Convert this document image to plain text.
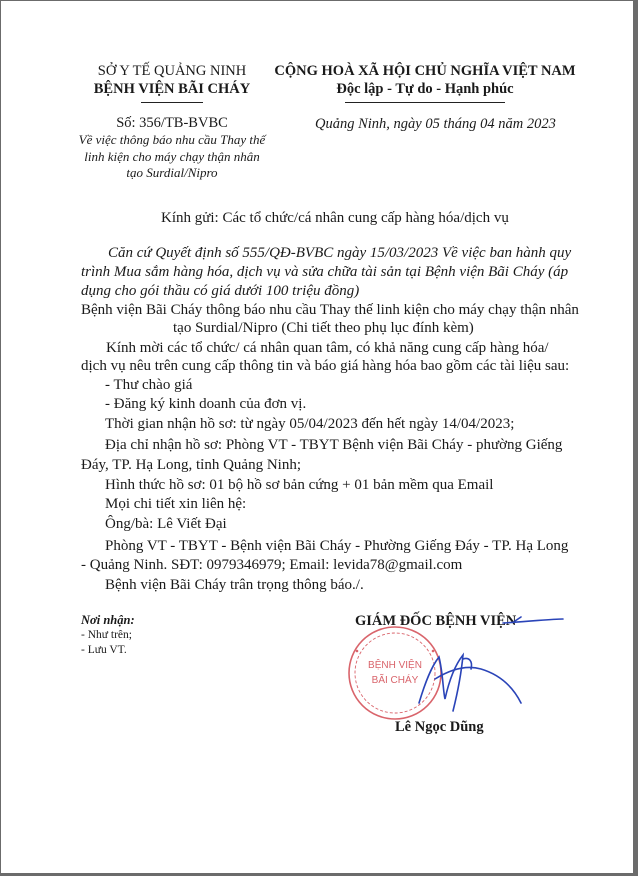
SỞ Y TẾ QUẢNG NINH
BỆNH VIỆN BÃI CHÁY
Số: 356/TB-BVBC
Về việc thông báo nhu cầu Thay thế
linh kiện cho máy chạy thận nhân
tạo Surdial/Nipro
CỘNG HOÀ XÃ HỘI CHỦ NGHĨA VIỆT NAM
Độc lập - Tự do - Hạnh phúc
Quảng Ninh, ngày 05 tháng 04 năm 2023
Kính gửi: Các tổ chức/cá nhân cung cấp hàng hóa/dịch vụ
Căn cứ Quyết định số 555/QĐ-BVBC ngày 15/03/2023 Về việc ban hành quy
trình Mua sắm hàng hóa, dịch vụ và sửa chữa tài sản tại Bệnh viện Bãi Cháy (áp
dụng cho gói thầu có giá dưới 100 triệu đồng)
Bệnh viện Bãi Cháy thông báo nhu cầu Thay thế linh kiện cho máy chạy thận nhân
tạo Surdial/Nipro (Chi tiết theo phụ lục đính kèm)
Kính mời các tổ chức/ cá nhân quan tâm, có khả năng cung cấp hàng hóa/
dịch vụ nêu trên cung cấp thông tin và báo giá hàng hóa bao gồm các tài liệu sau:
- Thư chào giá
- Đăng ký kinh doanh của đơn vị.
Thời gian nhận hồ sơ: từ ngày 05/04/2023 đến hết ngày 14/04/2023;
Địa chỉ nhận hồ sơ: Phòng VT - TBYT Bệnh viện Bãi Cháy - phường Giếng
Đáy, TP. Hạ Long, tỉnh Quảng Ninh;
Hình thức hồ sơ: 01 bộ hồ sơ bản cứng + 01 bản mềm qua Email
Mọi chi tiết xin liên hệ:
Ông/bà: Lê Viết Đại
Phòng VT - TBYT - Bệnh viện Bãi Cháy - Phường Giếng Đáy - TP. Hạ Long
- Quảng Ninh. SĐT: 0979346979; Email: levida78@gmail.com
Bệnh viện Bãi Cháy trân trọng thông báo./.
Nơi nhận:
- Như trên;
- Lưu VT.
GIÁM ĐỐC BỆNH VIỆN
BỆNH VIỆN
BÃI CHÁY
Lê Ngọc Dũng
